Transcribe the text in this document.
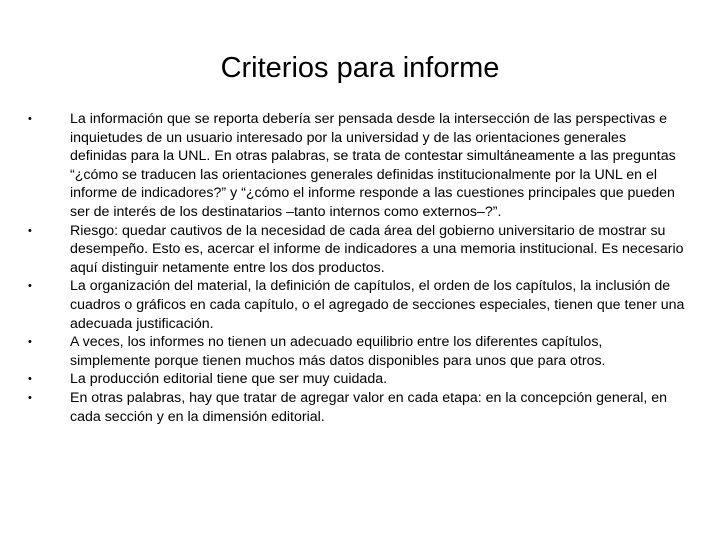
Criterios para informe
•	La información que se reporta debería ser pensada desde la intersección de las perspectivas e inquietudes de un usuario interesado por la universidad y de las orientaciones generales definidas para la UNL. En otras palabras, se trata de contestar simultáneamente a las preguntas “¿cómo se traducen las orientaciones generales definidas institucionalmente por la UNL en el informe de indicadores?” y “¿cómo el informe responde a las cuestiones principales que pueden ser de interés de los destinatarios –tanto internos como externos–?”.
•	Riesgo: quedar cautivos de la necesidad de cada área del gobierno universitario de mostrar su desempeño. Esto es, acercar el informe de indicadores a una memoria institucional. Es necesario aquí distinguir netamente entre los dos productos.
•	La organización del material, la definición de capítulos, el orden de los capítulos, la inclusión de cuadros o gráficos en cada capítulo, o el agregado de secciones especiales, tienen que tener una adecuada justificación.
•	A veces, los informes no tienen un adecuado equilibrio entre los diferentes capítulos, simplemente porque tienen muchos más datos disponibles para unos que para otros.
•	La producción editorial tiene que ser muy cuidada.
•	En otras palabras, hay que tratar de agregar valor en cada etapa: en la concepción general, en cada sección y en la dimensión editorial.
